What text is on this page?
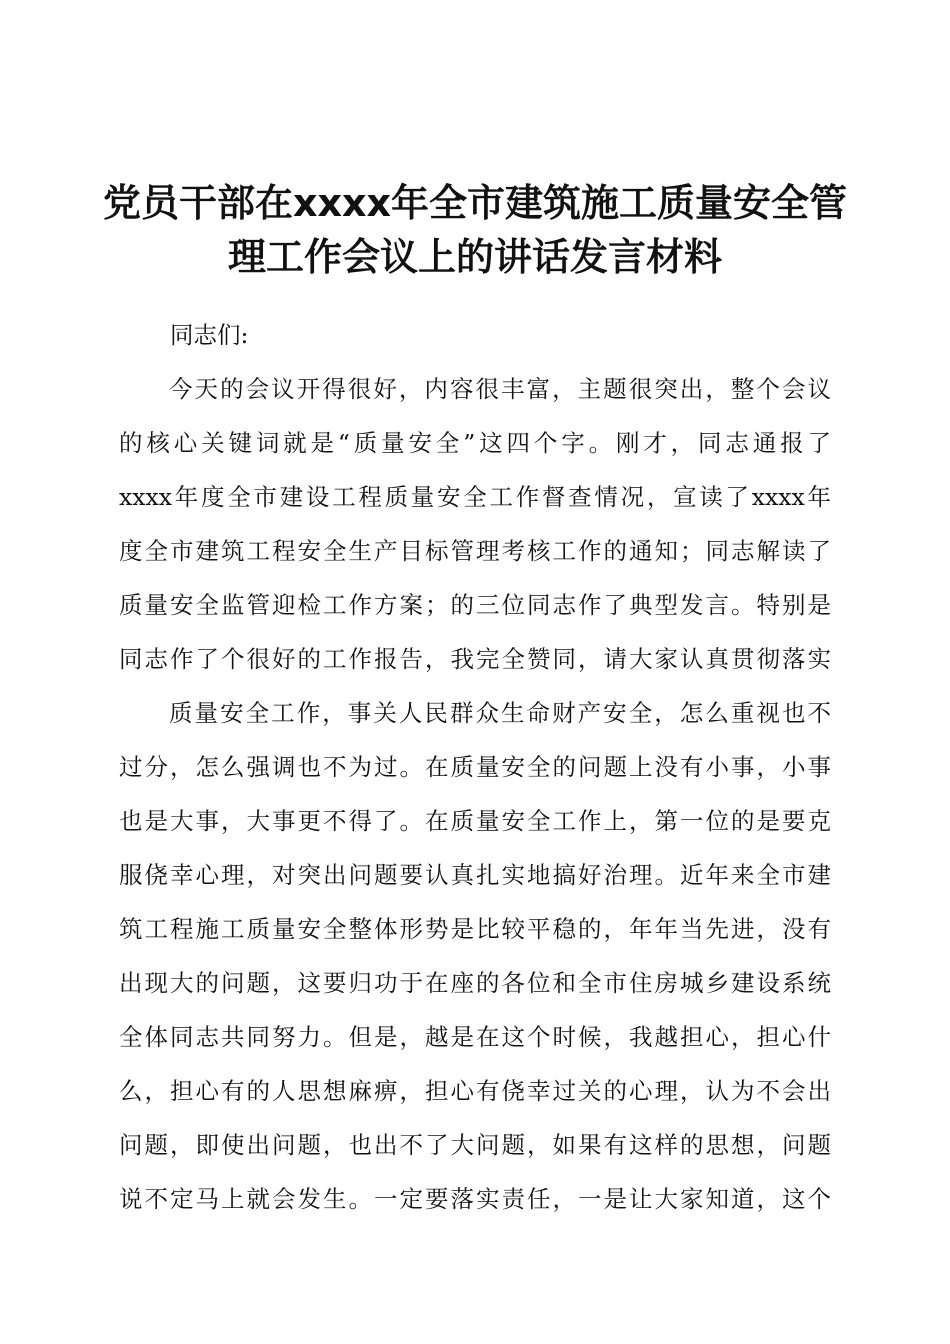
党员干部在xxxx年全市建筑施工质量安全管
理工作会议上的讲话发言材料
同志们:
今天的会议开得很好，内容很丰富，主题很突出，整个会议
的核心关键词就是“质量安全”这四个字。刚才，同志通报了
xxxx年度全市建设工程质量安全工作督查情况，宣读了xxxx年
度全市建筑工程安全生产目标管理考核工作的通知；同志解读了
质量安全监管迎检工作方案；的三位同志作了典型发言。特别是
同志作了个很好的工作报告，我完全赞同，请大家认真贯彻落实
质量安全工作，事关人民群众生命财产安全，怎么重视也不
过分，怎么强调也不为过。在质量安全的问题上没有小事，小事
也是大事，大事更不得了。在质量安全工作上，第一位的是要克
服侥幸心理，对突出问题要认真扎实地搞好治理。近年来全市建
筑工程施工质量安全整体形势是比较平稳的，年年当先进，没有
出现大的问题，这要归功于在座的各位和全市住房城乡建设系统
全体同志共同努力。但是，越是在这个时候，我越担心，担心什
么，担心有的人思想麻痹，担心有侥幸过关的心理，认为不会出
问题，即使出问题，也出不了大问题，如果有这样的思想，问题
说不定马上就会发生。一定要落实责任，一是让大家知道，这个
